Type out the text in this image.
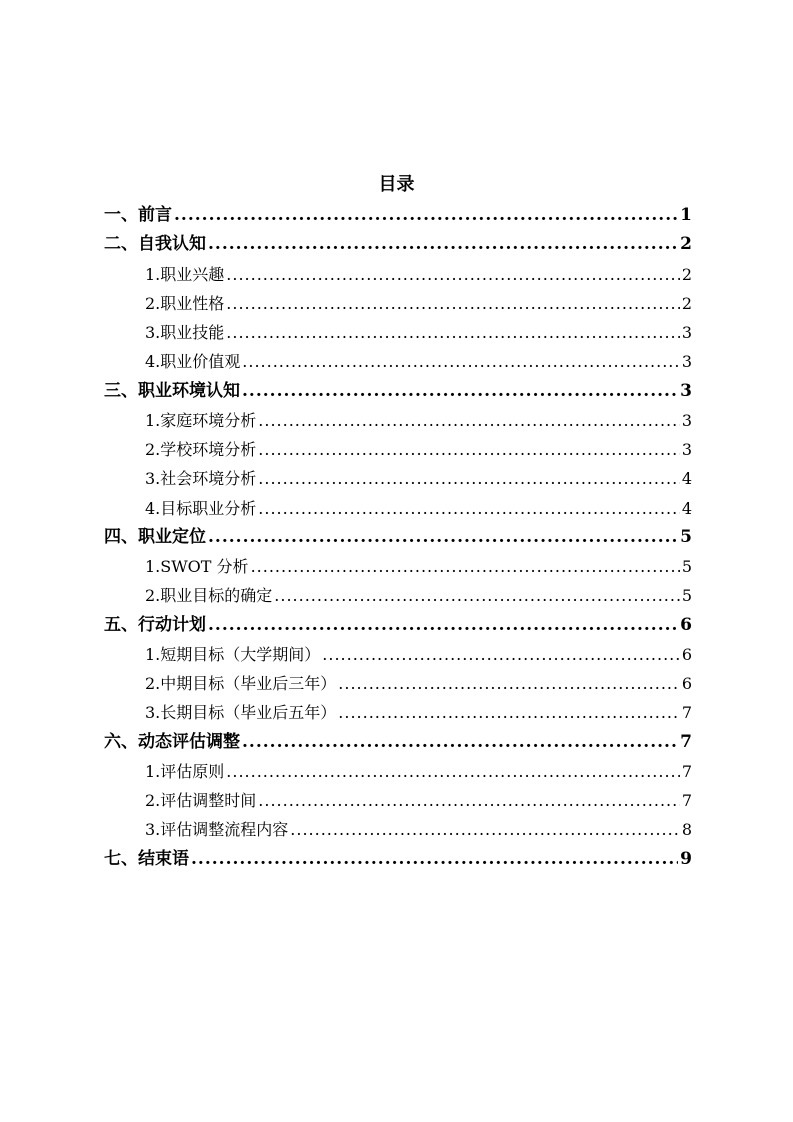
目录
一、前言 .....	1
二、自我认知 .....	2
1.职业兴趣 .....	2
2.职业性格 .....	2
3.职业技能 .....	3
4.职业价值观 .....	3
三、职业环境认知 .....	3
1.家庭环境分析 .....	3
2.学校环境分析 .....	3
3.社会环境分析 .....	4
4.目标职业分析 .....	4
四、职业定位 .....	5
1.SWOT 分析 .....	5
2.职业目标的确定 .....	5
五、行动计划 .....	6
1.短期目标（大学期间） .....	6
2.中期目标（毕业后三年） .....	6
3.长期目标（毕业后五年） .....	7
六、动态评估调整 .....	7
1.评估原则 .....	7
2.评估调整时间 .....	7
3.评估调整流程内容 .....	8
七、结束语 .....	9
